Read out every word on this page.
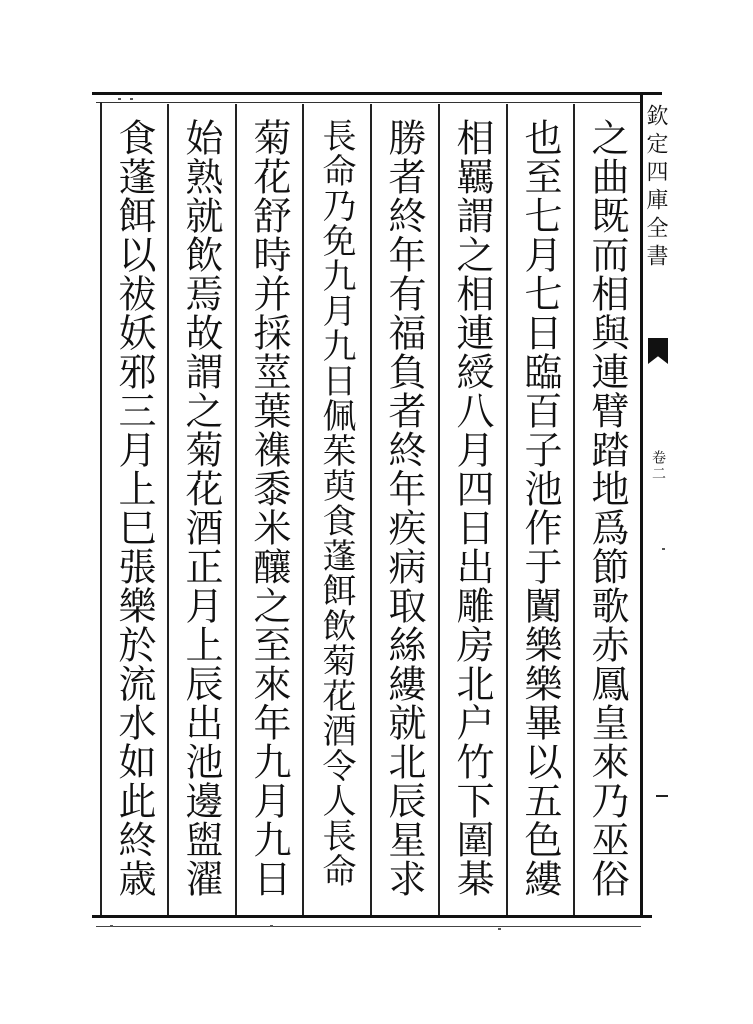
之曲既而相與連臂踏地爲節歌赤鳳皇來乃巫俗
也至七月七日臨百子池作于闐樂樂畢以五色縷
相羈謂之相連綬八月四日出雕房北户竹下圍棊
勝者終年有福負者終年疾病取絲縷就北辰星求
長命乃免九月九日佩茱萸食蓬餌飲菊花酒令人長命
菊花舒時并採莖葉襍黍米釀之至來年九月九日
始熟就飲焉故謂之菊花酒正月上辰出池邊盥濯
食蓬餌以祓妖邪三月上巳張樂於流水如此終歳	欽定四庫全書
卷二
